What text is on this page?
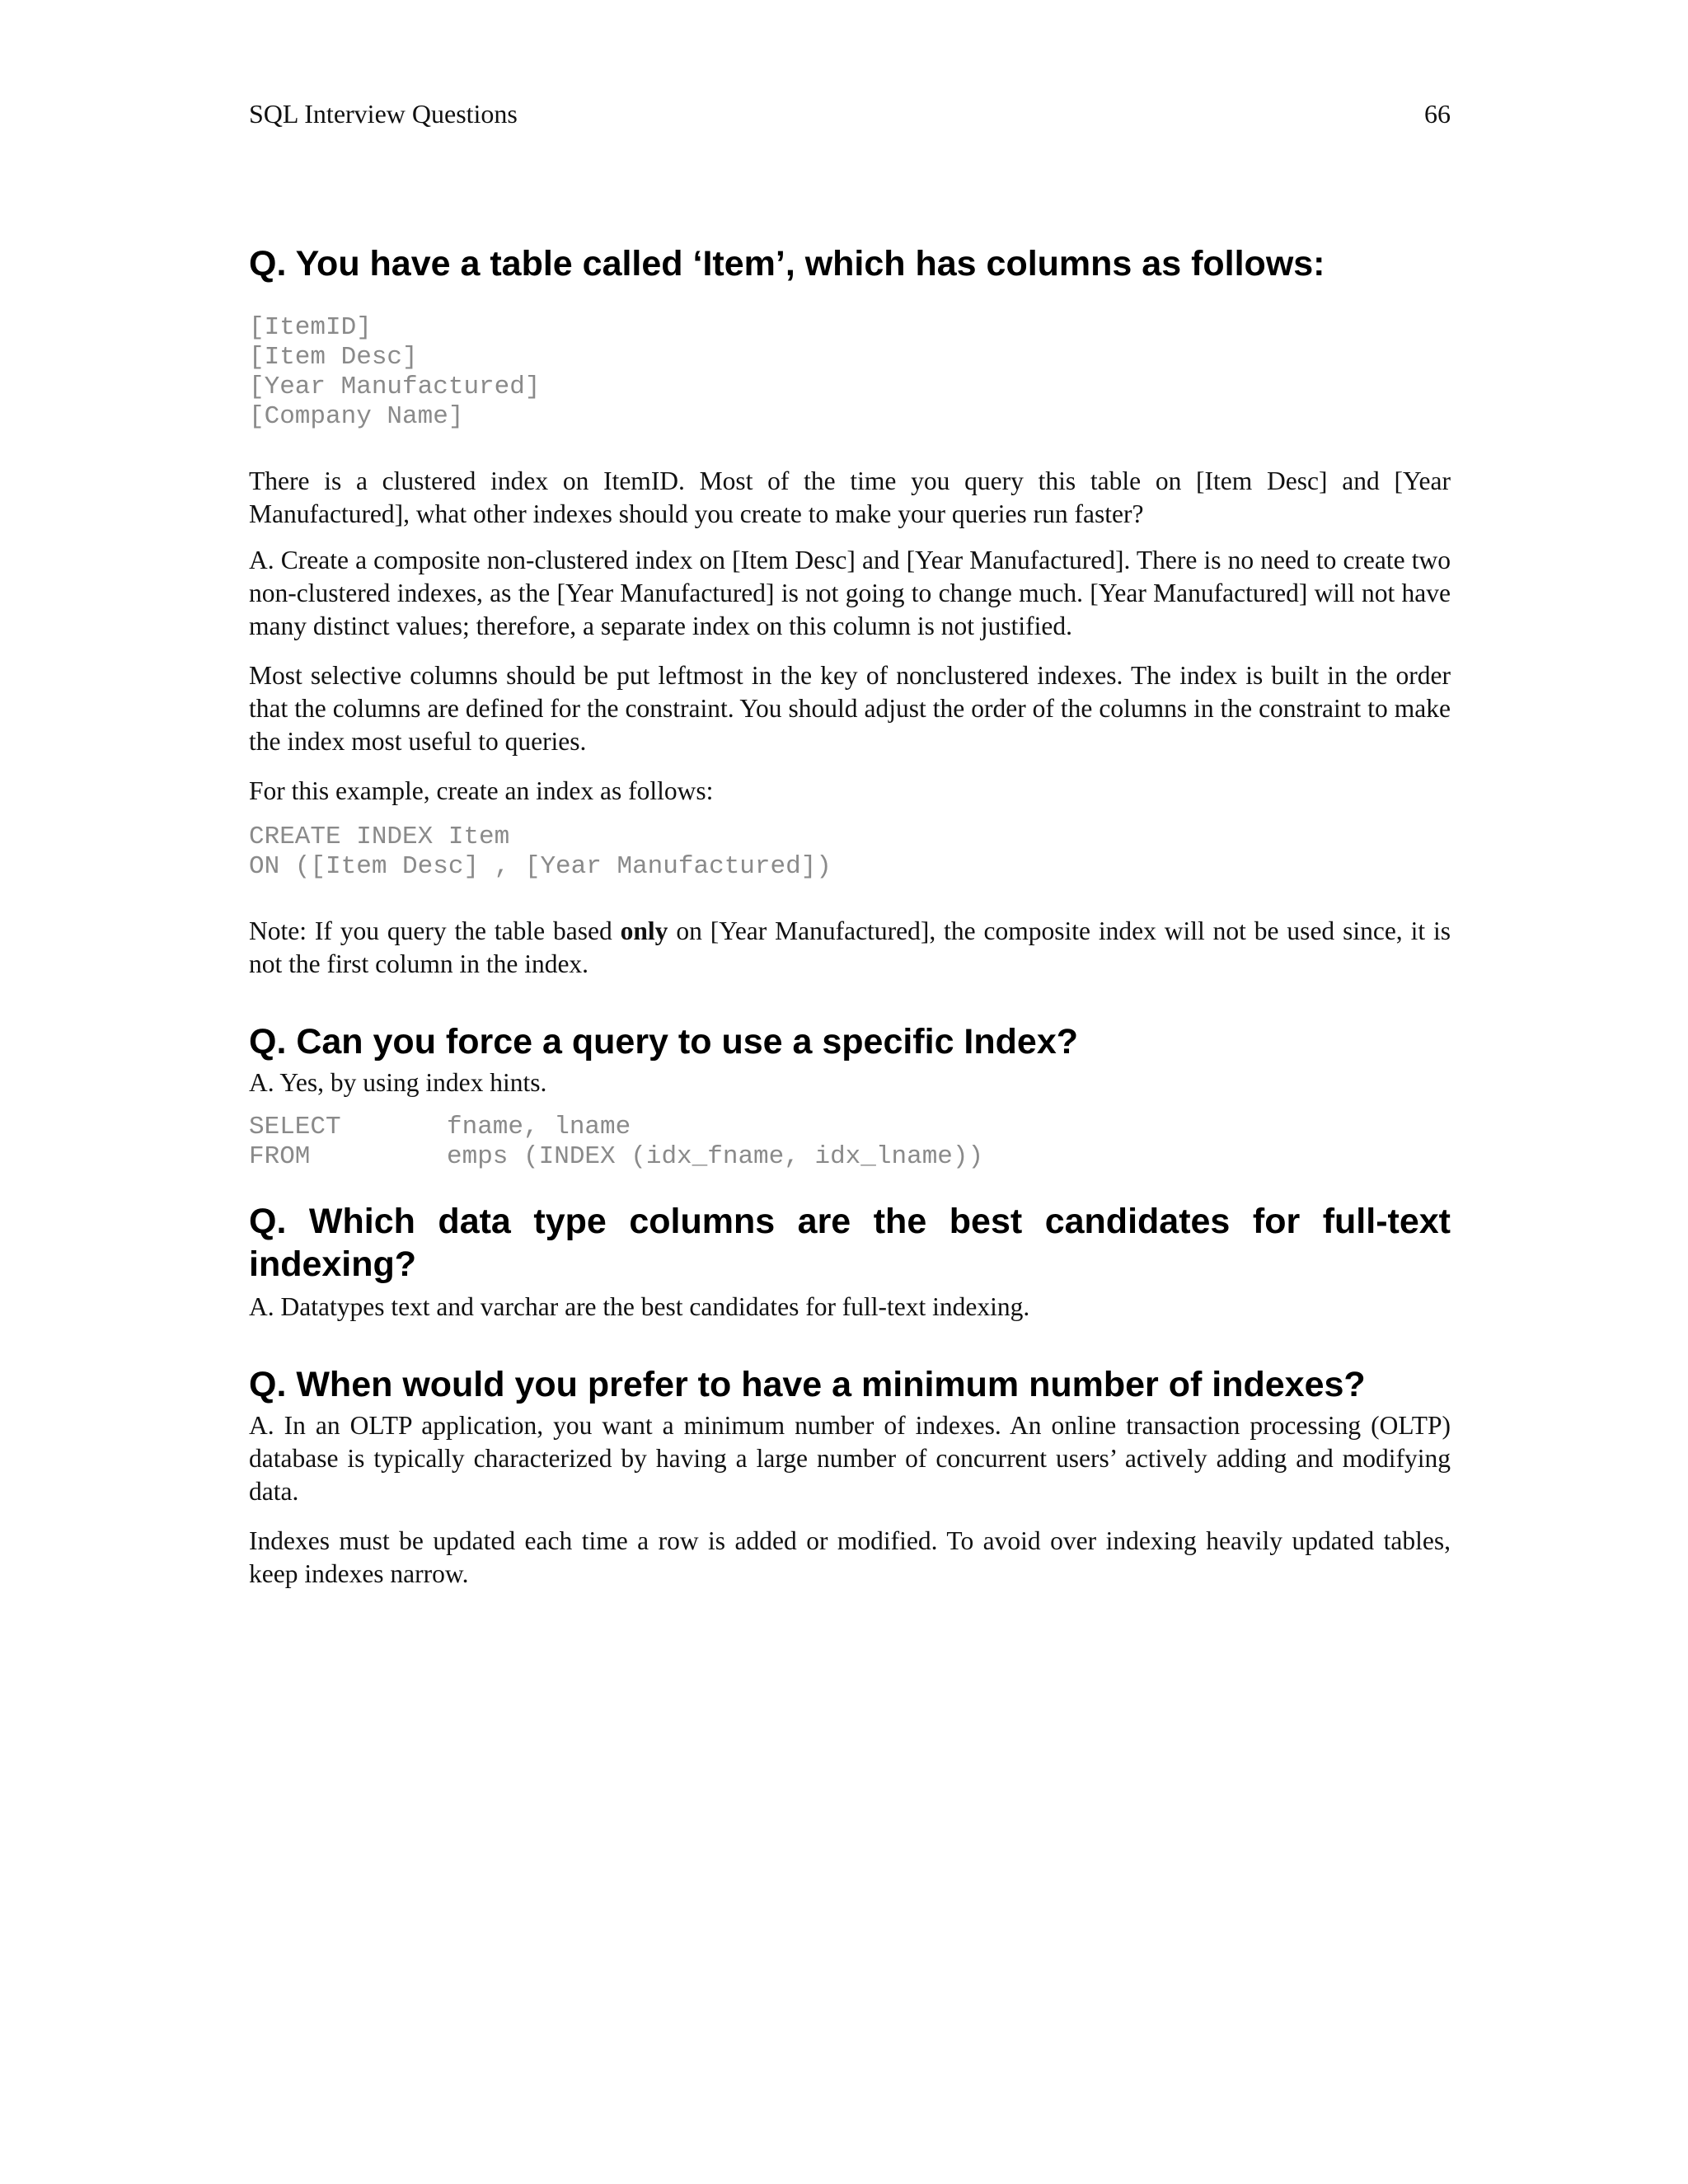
SQL Interview Questions	66
Q. You have a table called ‘Item’, which has columns as follows:
[ItemID]
[Item Desc]
[Year Manufactured]
[Company Name]

There is a clustered index on ItemID. Most of the time you query this table on [Item Desc] and [Year Manufactured], what other indexes should you create to make your queries run faster?

A. Create a composite non-clustered index on [Item Desc] and [Year Manufactured]. There is no need to create two non-clustered indexes, as the [Year Manufactured] is not going to change much. [Year Manufactured] will not have many distinct values; therefore, a separate index on this column is not justified.

Most selective columns should be put leftmost in the key of nonclustered indexes. The index is built in the order that the columns are defined for the constraint. You should adjust the order of the columns in the constraint to make the index most useful to queries.

For this example, create an index as follows:

CREATE INDEX Item
ON ([Item Desc] , [Year Manufactured])

Note: If you query the table based only on [Year Manufactured], the composite index will not be used since, it is not the first column in the index.

Q. Can you force a query to use a specific Index?

A. Yes, by using index hints.

SELECT	fname, lname
FROM	emps (INDEX (idx_fname, idx_lname))
Q. Which data type columns are the best candidates for full-text indexing?

A. Datatypes text and varchar are the best candidates for full-text indexing.

Q. When would you prefer to have a minimum number of indexes?

A. In an OLTP application, you want a minimum number of indexes. An online transaction processing (OLTP) database is typically characterized by having a large number of concurrent users’ actively adding and modifying data.

Indexes must be updated each time a row is added or modified. To avoid over indexing heavily updated tables, keep indexes narrow.
